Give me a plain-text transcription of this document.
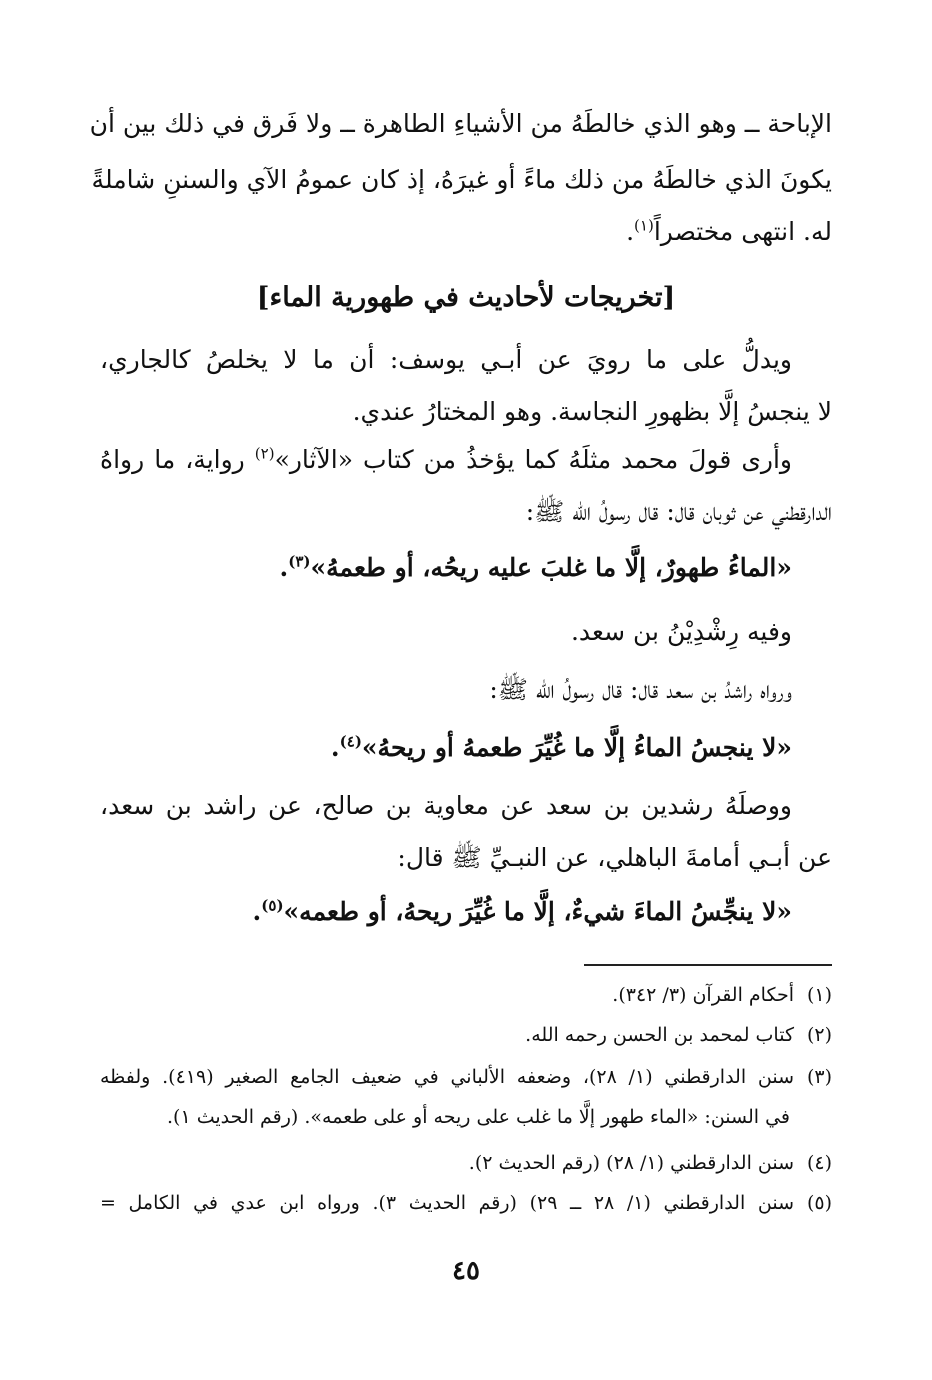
الإباحة ــ وهو الذي خالطَهُ من الأشياءِ الطاهرة ــ ولا فَرق في ذلك بين أن
يكونَ الذي خالطَهُ من ذلك ماءً أو غيرَهُ، إذ كان عمومُ الآي والسننِ شاملةً
له. انتهى مختصراً$^{(١)}$.
[تخريجات لأحاديث في طهورية الماء]
ويدلُّ على ما رويَ عن أبـي يوسف: أن ما لا يخلصُ كالجاري،
لا ينجسُ إلَّا بظهورِ النجاسة. وهو المختارُ عندي.
وأرى قولَ محمد مثلَهُ كما يؤخذُ من كتاب «الآثار»$^{(٢)}$ رواية، ما رواهُ
الدارقطني عن ثوبان قال: قال رسولُ الله ﷺ:
«الماءُ طهورٌ، إلَّا ما غلبَ عليه ريحُه، أو طعمهُ»$^{(٣)}$.
وفيه رِشْدِيْنُ بن سعد.
ورواه راشدُ بن سعد قال: قال رسولُ الله ﷺ:
«لا ينجسُ الماءُ إلَّا ما غُيِّرَ طعمهُ أو ريحهُ»$^{(٤)}$.
ووصلَهُ رشدين بن سعد عن معاوية بن صالح، عن راشد بن سعد،
عن أبـي أمامةَ الباهلي، عن النبـيِّ ﷺ قال:
«لا ينجِّسُ الماءَ شيءٌ، إلَّا ما غُيِّرَ ريحهُ، أو طعمه»$^{(٥)}$.
(١)أحكام القرآن (٣/ ٣٤٢).
(٢)كتاب لمحمد بن الحسن رحمه الله.
(٣)سنن الدارقطني (١/ ٢٨)، وضعفه الألباني في ضعيف الجامع الصغير (٤١٩). ولفظه
في السنن: «الماء طهور إلَّا ما غلب على ريحه أو على طعمه». (رقم الحديث ١).
(٤)سنن الدارقطني (١/ ٢٨) (رقم الحديث ٢).
(٥)سنن الدارقطني (١/ ٢٨ ــ ٢٩) (رقم الحديث ٣). ورواه ابن عدي في الكامل =
٤٥
